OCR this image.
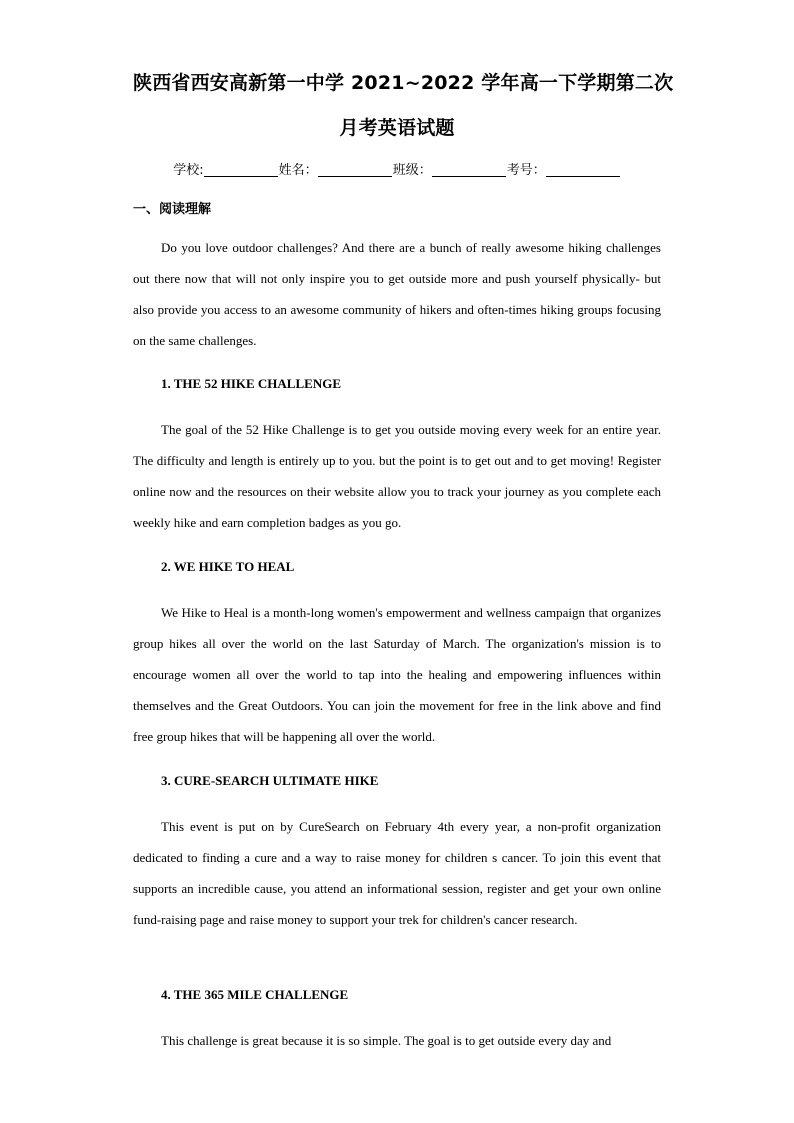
陕西省西安高新第一中学 2021~2022 学年高一下学期第二次
月考英语试题
学校:	姓名：	班级：	考号：
一、阅读理解

Do you love outdoor challenges? And there are a bunch of really awesome hiking challenges out there now that will not only inspire you to get outside more and push yourself physically- but also provide you access to an awesome community of hikers and often-times hiking groups focusing on the same challenges.

1. THE 52 HIKE CHALLENGE

The goal of the 52 Hike Challenge is to get you outside moving every week for an entire year. The difficulty and length is entirely up to you. but the point is to get out and to get moving! Register online now and the resources on their website allow you to track your journey as you complete each weekly hike and earn completion badges as you go.

2. WE HIKE TO HEAL

We Hike to Heal is a month-long women's empowerment and wellness campaign that organizes group hikes all over the world on the last Saturday of March. The organization's mission is to encourage women all over the world to tap into the healing and empowering influences within themselves and the Great Outdoors. You can join the movement for free in the link above and find free group hikes that will be happening all over the world.

3. CURE-SEARCH ULTIMATE HIKE

This event is put on by CureSearch on February 4th every year, a non-profit organization dedicated to finding a cure and a way to raise money for children s cancer. To join this event that supports an incredible cause, you attend an informational session, register and get your own online fund-raising page and raise money to support your trek for children's cancer research.

4. THE 365 MILE CHALLENGE

This challenge is great because it is so simple. The goal is to get outside every day and
